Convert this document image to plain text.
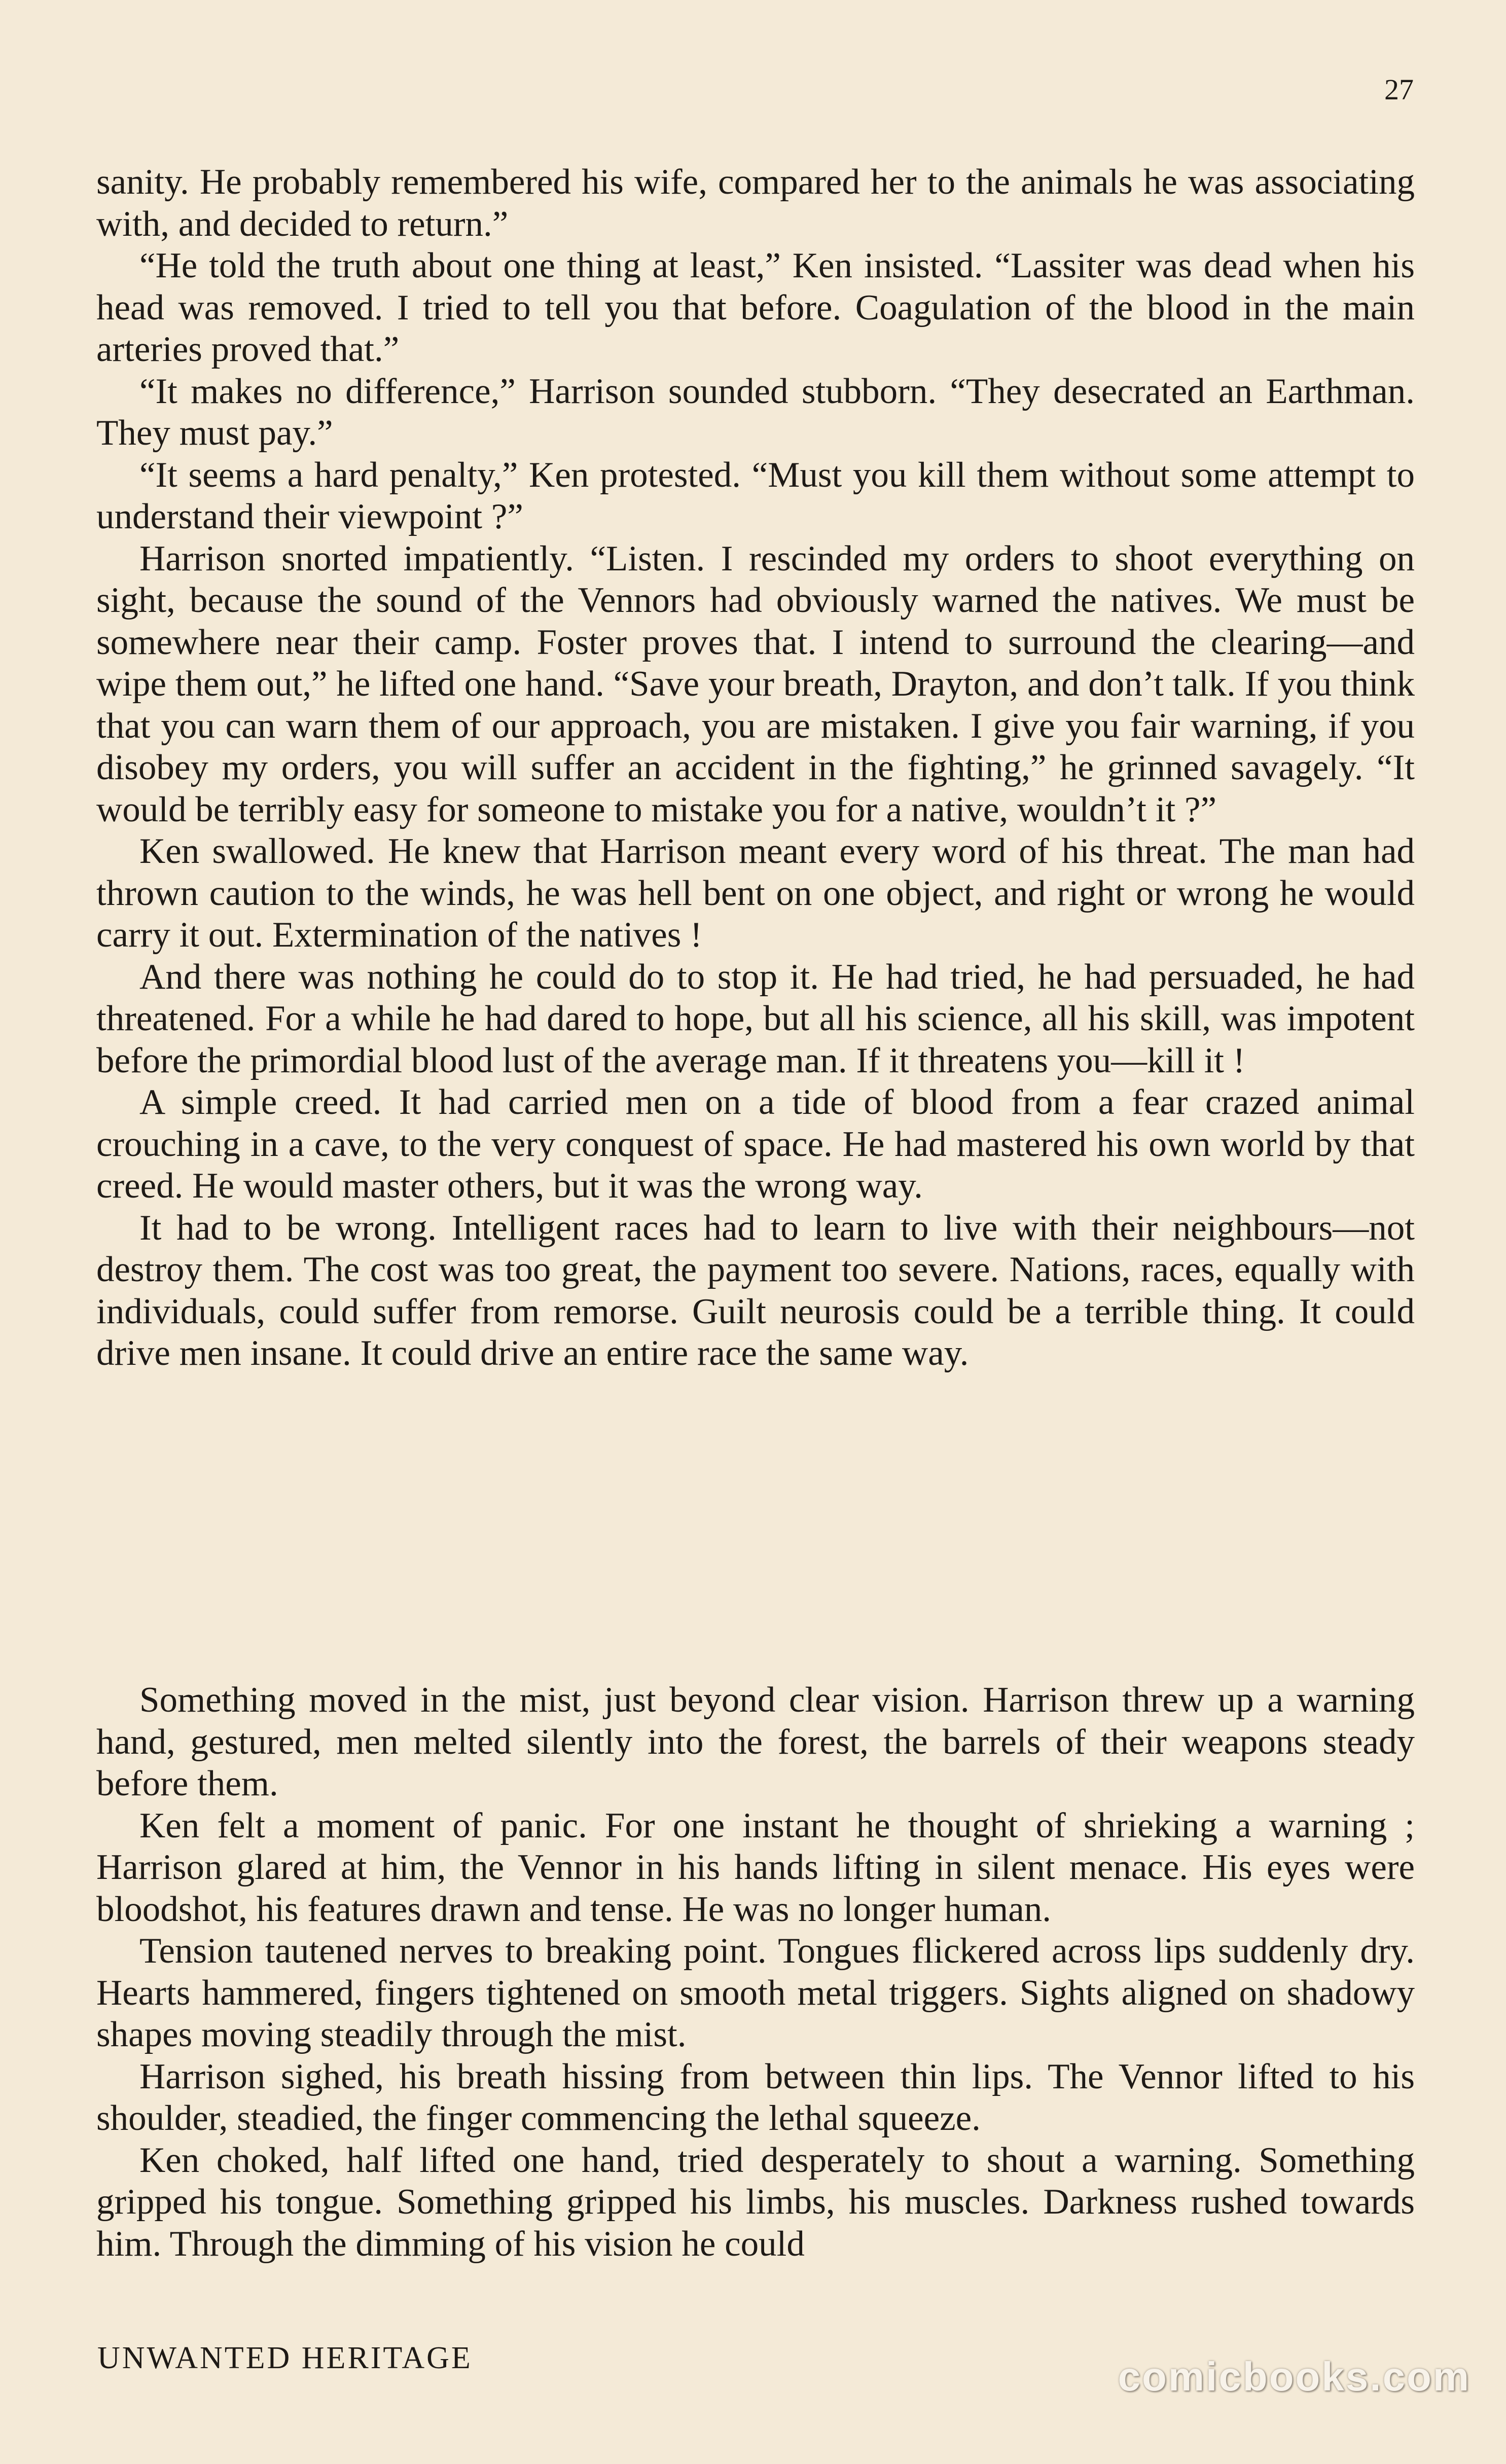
27

sanity. He probably remembered his wife, compared her to the animals he was associating with, and decided to return.”

“He told the truth about one thing at least,” Ken insisted. “Lassiter was dead when his head was removed. I tried to tell you that before. Coagulation of the blood in the main arteries proved that.”

“It makes no difference,” Harrison sounded stubborn. “They desecrated an Earthman. They must pay.”

“It seems a hard penalty,” Ken protested. “Must you kill them without some attempt to understand their viewpoint ?”

Harrison snorted impatiently. “Listen. I rescinded my orders to shoot everything on sight, because the sound of the Vennors had obviously warned the natives. We must be somewhere near their camp. Foster proves that. I intend to surround the clearing—and wipe them out,” he lifted one hand. “Save your breath, Drayton, and don’t talk. If you think that you can warn them of our approach, you are mistaken. I give you fair warning, if you disobey my orders, you will suffer an accident in the fighting,” he grinned savagely. “It would be terribly easy for someone to mistake you for a native, wouldn’t it ?”

Ken swallowed. He knew that Harrison meant every word of his threat. The man had thrown caution to the winds, he was hell bent on one object, and right or wrong he would carry it out. Extermination of the natives !

And there was nothing he could do to stop it. He had tried, he had persuaded, he had threatened. For a while he had dared to hope, but all his science, all his skill, was impotent before the primordial blood lust of the average man. If it threatens you—kill it !

A simple creed. It had carried men on a tide of blood from a fear crazed animal crouching in a cave, to the very conquest of space. He had mastered his own world by that creed. He would master others, but it was the wrong way.

It had to be wrong. Intelligent races had to learn to live with their neighbours—not destroy them. The cost was too great, the payment too severe. Nations, races, equally with individuals, could suffer from remorse. Guilt neurosis could be a terrible thing. It could drive men insane. It could drive an entire race the same way.

Something moved in the mist, just beyond clear vision. Harrison threw up a warning hand, gestured, men melted silently into the forest, the barrels of their weapons steady before them.

Ken felt a moment of panic. For one instant he thought of shrieking a warning ; Harrison glared at him, the Vennor in his hands lifting in silent menace. His eyes were bloodshot, his features drawn and tense. He was no longer human.

Tension tautened nerves to breaking point. Tongues flickered across lips suddenly dry. Hearts hammered, fingers tightened on smooth metal triggers. Sights aligned on shadowy shapes moving steadily through the mist.

Harrison sighed, his breath hissing from between thin lips. The Vennor lifted to his shoulder, steadied, the finger commencing the lethal squeeze.

Ken choked, half lifted one hand, tried desperately to shout a warning. Something gripped his tongue. Something gripped his limbs, his muscles. Darkness rushed towards him. Through the dimming of his vision he could

UNWANTED HERITAGE	comicbooks.com
